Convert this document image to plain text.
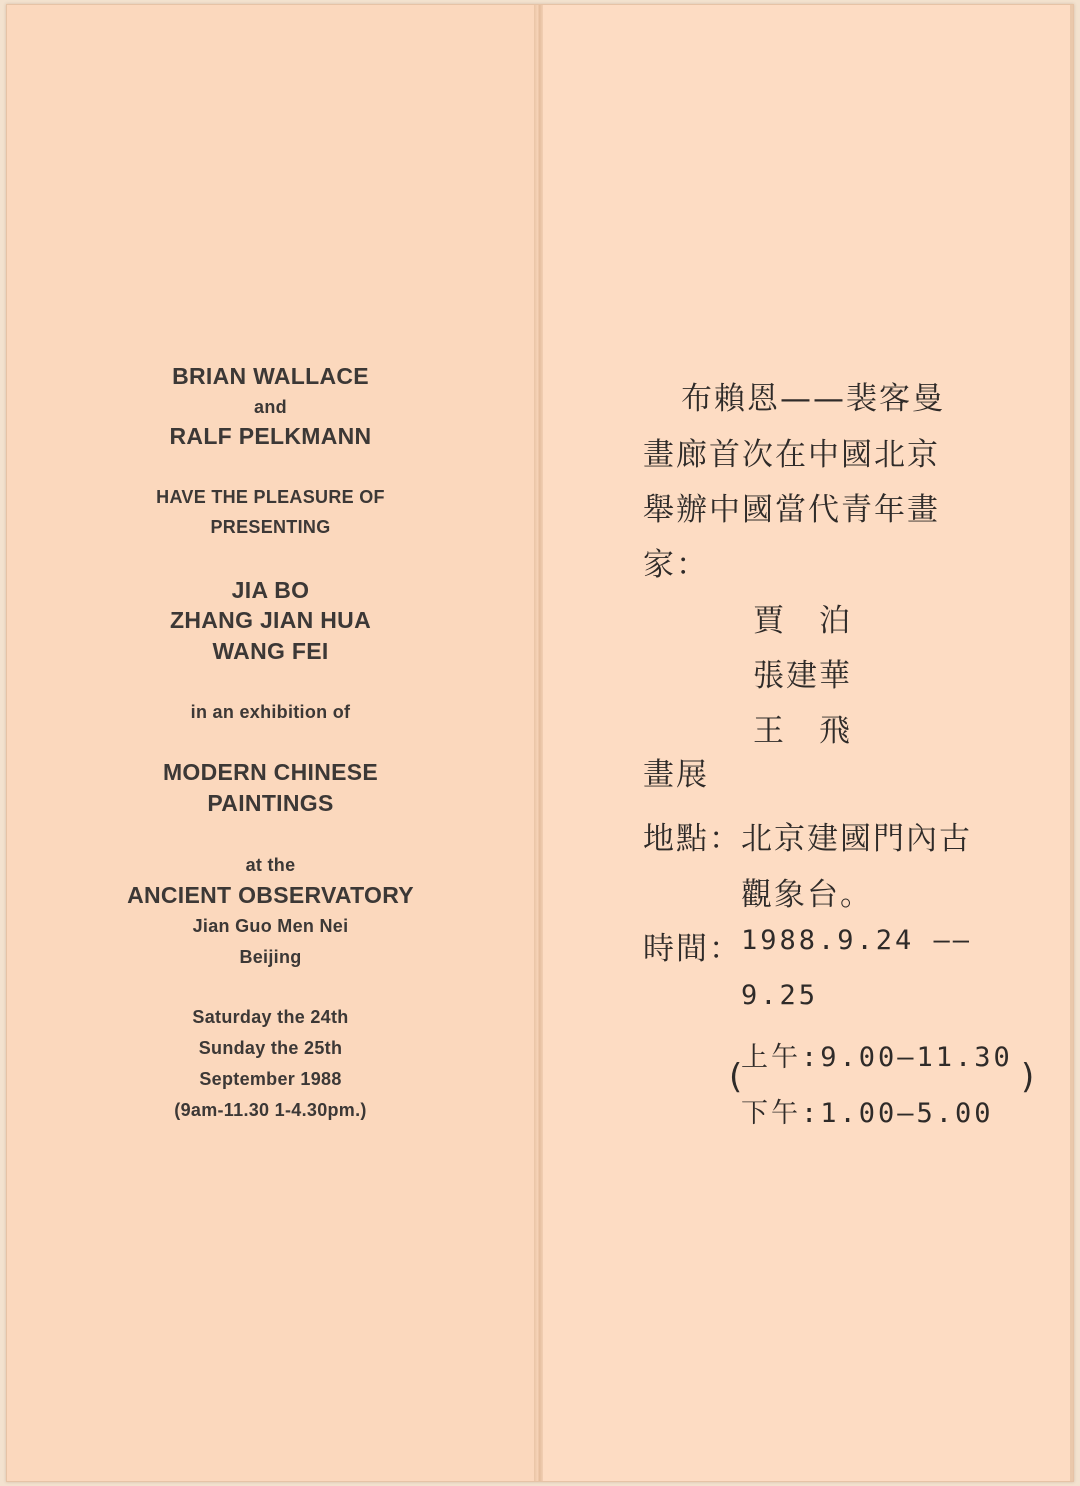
BRIAN WALLACE
and
RALF PELKMANN
HAVE THE PLEASURE OF
PRESENTING
JIA BO
ZHANG JIAN HUA
WANG FEI
in an exhibition of
MODERN CHINESE
PAINTINGS
at the
ANCIENT OBSERVATORY
Jian Guo Men Nei
Beijing
Saturday the 24th
Sunday the 25th
September 1988
(9am-11.30 1-4.30pm.)
布賴恩——裴客曼
畫廊首次在中國北京
舉辦中國當代青年畫
家：
賈　泊
張建華
王　飛
畫展
地點： 北京建國門內古
觀象台。
時間： 1988.9.24 ——
9.25
(
上午:9.00—11.30
下午:1.00—5.00
)
